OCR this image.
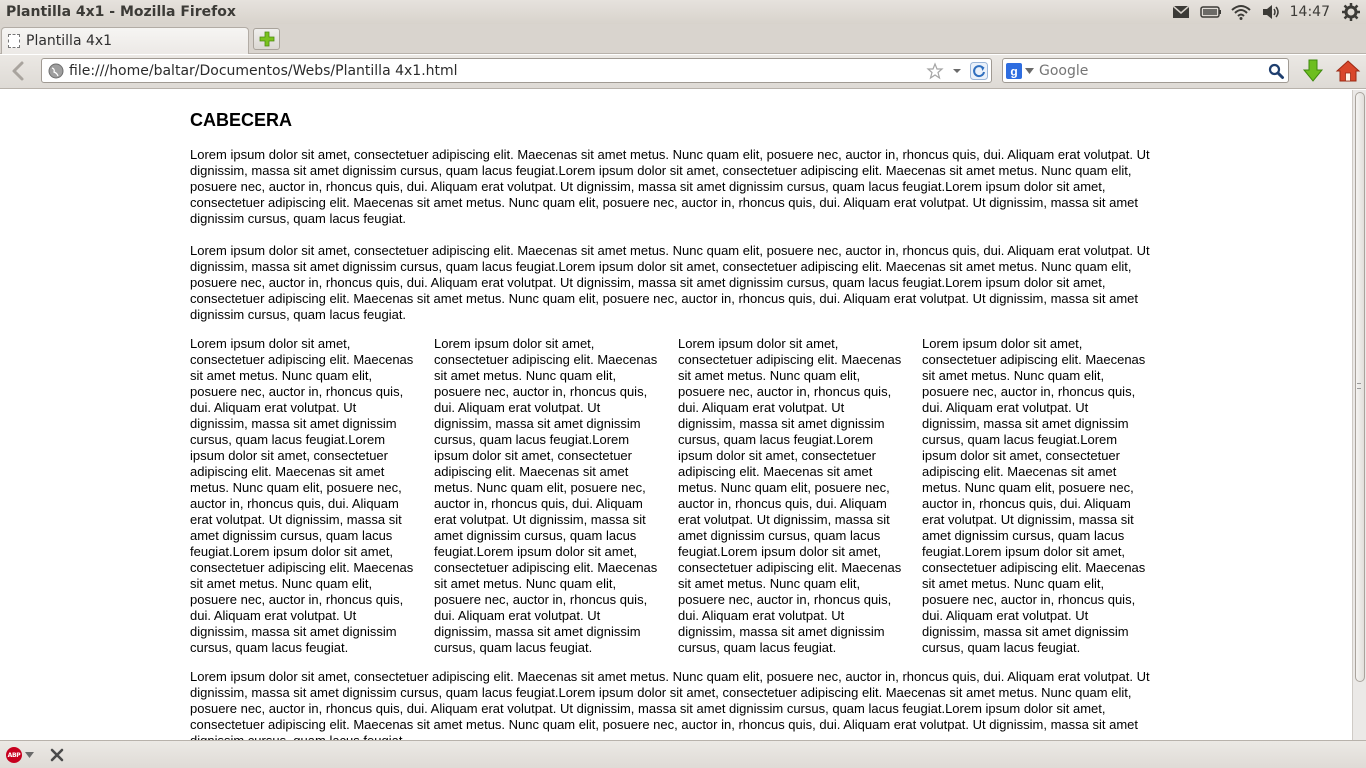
Plantilla 4x1 - Mozilla Firefox	14:47
Plantilla 4x1
file:///home/baltar/Documentos/Webs/Plantilla 4x1.html	g
Google
CABECERA

Lorem ipsum dolor sit amet, consectetuer adipiscing elit. Maecenas sit amet metus. Nunc quam elit, posuere nec, auctor in, rhoncus quis, dui. Aliquam erat volutpat. Ut dignissim, massa sit amet dignissim cursus, quam lacus feugiat.Lorem ipsum dolor sit amet, consectetuer adipiscing elit. Maecenas sit amet metus. Nunc quam elit, posuere nec, auctor in, rhoncus quis, dui. Aliquam erat volutpat. Ut dignissim, massa sit amet dignissim cursus, quam lacus feugiat.Lorem ipsum dolor sit amet, consectetuer adipiscing elit. Maecenas sit amet metus. Nunc quam elit, posuere nec, auctor in, rhoncus quis, dui. Aliquam erat volutpat. Ut dignissim, massa sit amet dignissim cursus, quam lacus feugiat.

Lorem ipsum dolor sit amet, consectetuer adipiscing elit. Maecenas sit amet metus. Nunc quam elit, posuere nec, auctor in, rhoncus quis, dui. Aliquam erat volutpat. Ut dignissim, massa sit amet dignissim cursus, quam lacus feugiat.Lorem ipsum dolor sit amet, consectetuer adipiscing elit. Maecenas sit amet metus. Nunc quam elit, posuere nec, auctor in, rhoncus quis, dui. Aliquam erat volutpat. Ut dignissim, massa sit amet dignissim cursus, quam lacus feugiat.Lorem ipsum dolor sit amet, consectetuer adipiscing elit. Maecenas sit amet metus. Nunc quam elit, posuere nec, auctor in, rhoncus quis, dui. Aliquam erat volutpat. Ut dignissim, massa sit amet dignissim cursus, quam lacus feugiat.

Lorem ipsum dolor sit amet, consectetuer adipiscing elit. Maecenas sit amet metus. Nunc quam elit, posuere nec, auctor in, rhoncus quis, dui. Aliquam erat volutpat. Ut dignissim, massa sit amet dignissim cursus, quam lacus feugiat.Lorem ipsum dolor sit amet, consectetuer adipiscing elit. Maecenas sit amet metus. Nunc quam elit, posuere nec, auctor in, rhoncus quis, dui. Aliquam erat volutpat. Ut dignissim, massa sit amet dignissim cursus, quam lacus feugiat.Lorem ipsum dolor sit amet, consectetuer adipiscing elit. Maecenas sit amet metus. Nunc quam elit, posuere nec, auctor in, rhoncus quis, dui. Aliquam erat volutpat. Ut dignissim, massa sit amet dignissim cursus, quam lacus feugiat.
Lorem ipsum dolor sit amet, consectetuer adipiscing elit. Maecenas sit amet metus. Nunc quam elit, posuere nec, auctor in, rhoncus quis, dui. Aliquam erat volutpat. Ut dignissim, massa sit amet dignissim cursus, quam lacus feugiat.Lorem ipsum dolor sit amet, consectetuer adipiscing elit. Maecenas sit amet metus. Nunc quam elit, posuere nec, auctor in, rhoncus quis, dui. Aliquam erat volutpat. Ut dignissim, massa sit amet dignissim cursus, quam lacus feugiat.Lorem ipsum dolor sit amet, consectetuer adipiscing elit. Maecenas sit amet metus. Nunc quam elit, posuere nec, auctor in, rhoncus quis, dui. Aliquam erat volutpat. Ut dignissim, massa sit amet dignissim cursus, quam lacus feugiat.
Lorem ipsum dolor sit amet, consectetuer adipiscing elit. Maecenas sit amet metus. Nunc quam elit, posuere nec, auctor in, rhoncus quis, dui. Aliquam erat volutpat. Ut dignissim, massa sit amet dignissim cursus, quam lacus feugiat.Lorem ipsum dolor sit amet, consectetuer adipiscing elit. Maecenas sit amet metus. Nunc quam elit, posuere nec, auctor in, rhoncus quis, dui. Aliquam erat volutpat. Ut dignissim, massa sit amet dignissim cursus, quam lacus feugiat.Lorem ipsum dolor sit amet, consectetuer adipiscing elit. Maecenas sit amet metus. Nunc quam elit, posuere nec, auctor in, rhoncus quis, dui. Aliquam erat volutpat. Ut dignissim, massa sit amet dignissim cursus, quam lacus feugiat.
Lorem ipsum dolor sit amet, consectetuer adipiscing elit. Maecenas sit amet metus. Nunc quam elit, posuere nec, auctor in, rhoncus quis, dui. Aliquam erat volutpat. Ut dignissim, massa sit amet dignissim cursus, quam lacus feugiat.Lorem ipsum dolor sit amet, consectetuer adipiscing elit. Maecenas sit amet metus. Nunc quam elit, posuere nec, auctor in, rhoncus quis, dui. Aliquam erat volutpat. Ut dignissim, massa sit amet dignissim cursus, quam lacus feugiat.Lorem ipsum dolor sit amet, consectetuer adipiscing elit. Maecenas sit amet metus. Nunc quam elit, posuere nec, auctor in, rhoncus quis, dui. Aliquam erat volutpat. Ut dignissim, massa sit amet dignissim cursus, quam lacus feugiat.

Lorem ipsum dolor sit amet, consectetuer adipiscing elit. Maecenas sit amet metus. Nunc quam elit, posuere nec, auctor in, rhoncus quis, dui. Aliquam erat volutpat. Ut dignissim, massa sit amet dignissim cursus, quam lacus feugiat.Lorem ipsum dolor sit amet, consectetuer adipiscing elit. Maecenas sit amet metus. Nunc quam elit, posuere nec, auctor in, rhoncus quis, dui. Aliquam erat volutpat. Ut dignissim, massa sit amet dignissim cursus, quam lacus feugiat.Lorem ipsum dolor sit amet, consectetuer adipiscing elit. Maecenas sit amet metus. Nunc quam elit, posuere nec, auctor in, rhoncus quis, dui. Aliquam erat volutpat. Ut dignissim, massa sit amet

ABP
